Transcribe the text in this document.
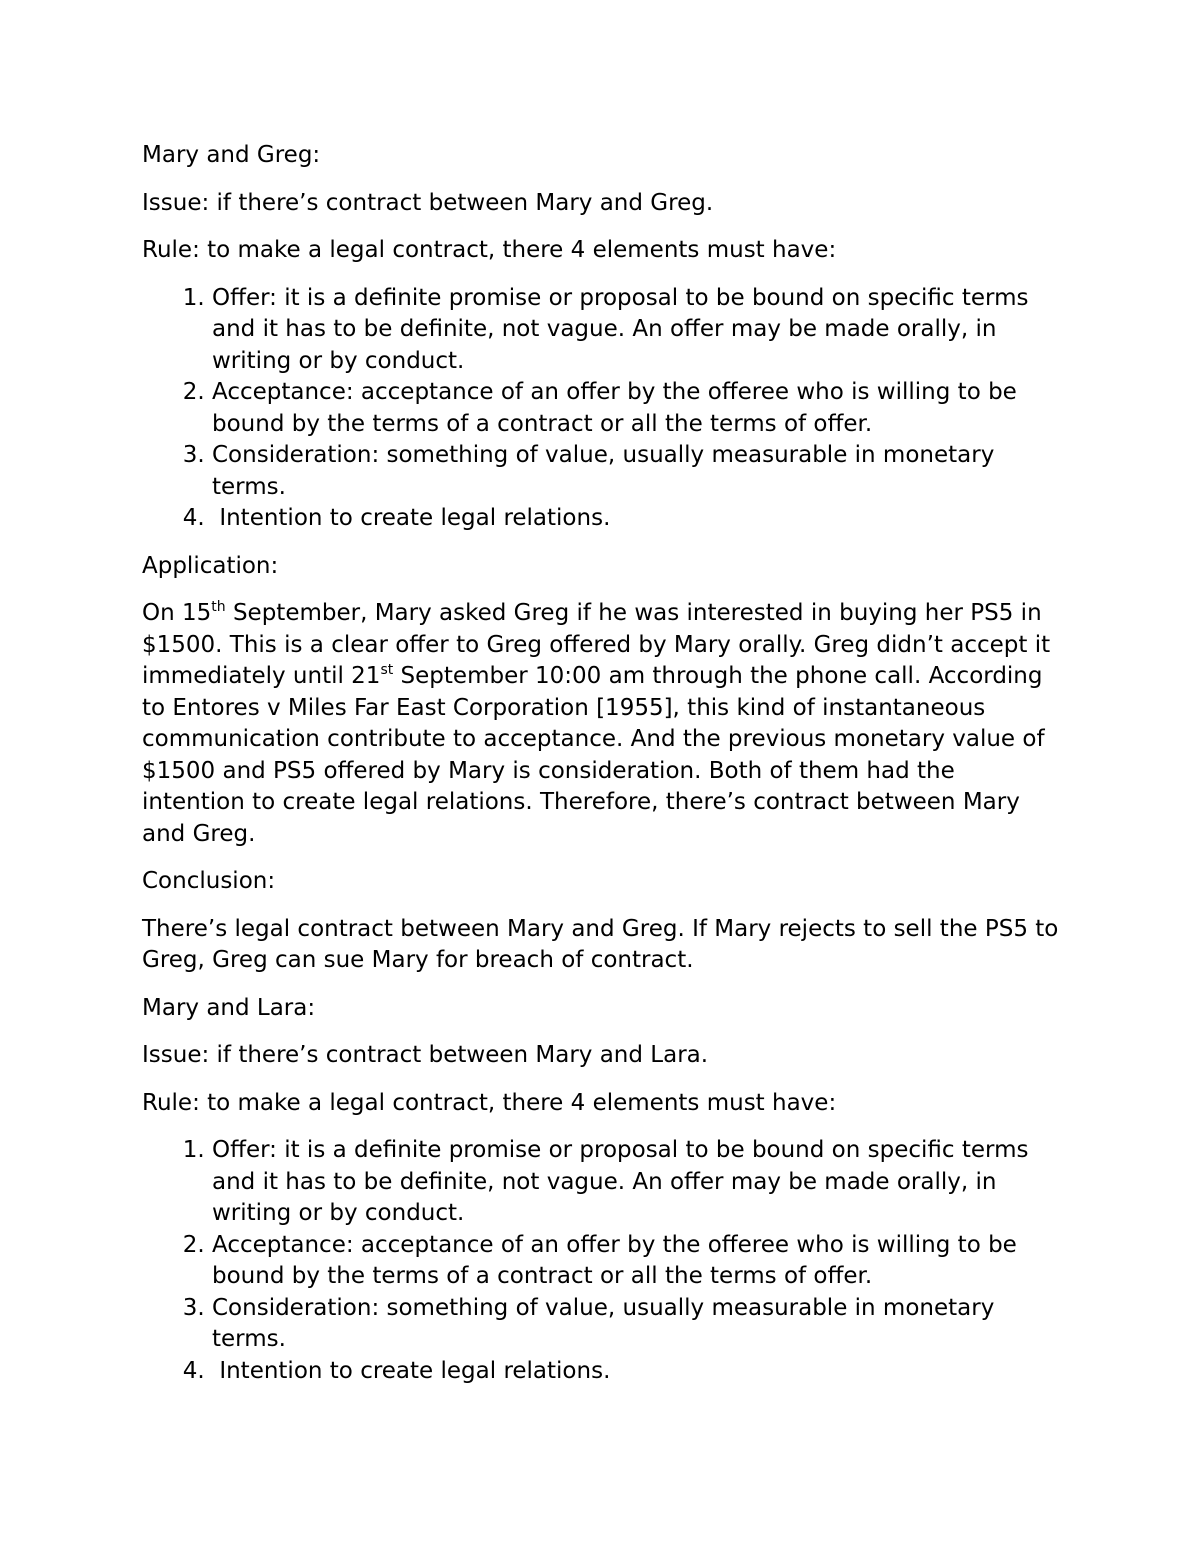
Mary and Greg:

Issue: if there’s contract between Mary and Greg.

Rule: to make a legal contract, there 4 elements must have:

1. Offer: it is a definite promise or proposal to be bound on specific terms and it has to be definite, not vague. An offer may be made orally, in writing or by conduct.
2. Acceptance: acceptance of an offer by the offeree who is willing to be bound by the terms of a contract or all the terms of offer.
3. Consideration: something of value, usually measurable in monetary terms.
4.  Intention to create legal relations.

Application:

On 15th September, Mary asked Greg if he was interested in buying her PS5 in $1500. This is a clear offer to Greg offered by Mary orally. Greg didn’t accept it immediately until 21st September 10:00 am through the phone call. According to Entores v Miles Far East Corporation [1955], this kind of instantaneous communication contribute to acceptance. And the previous monetary value of $1500 and PS5 offered by Mary is consideration. Both of them had the intention to create legal relations. Therefore, there’s contract between Mary and Greg.

Conclusion:

There’s legal contract between Mary and Greg. If Mary rejects to sell the PS5 to Greg, Greg can sue Mary for breach of contract.

Mary and Lara:

Issue: if there’s contract between Mary and Lara.

Rule: to make a legal contract, there 4 elements must have:

1. Offer: it is a definite promise or proposal to be bound on specific terms and it has to be definite, not vague. An offer may be made orally, in writing or by conduct.
2. Acceptance: acceptance of an offer by the offeree who is willing to be bound by the terms of a contract or all the terms of offer.
3. Consideration: something of value, usually measurable in monetary terms.
4.  Intention to create legal relations.
